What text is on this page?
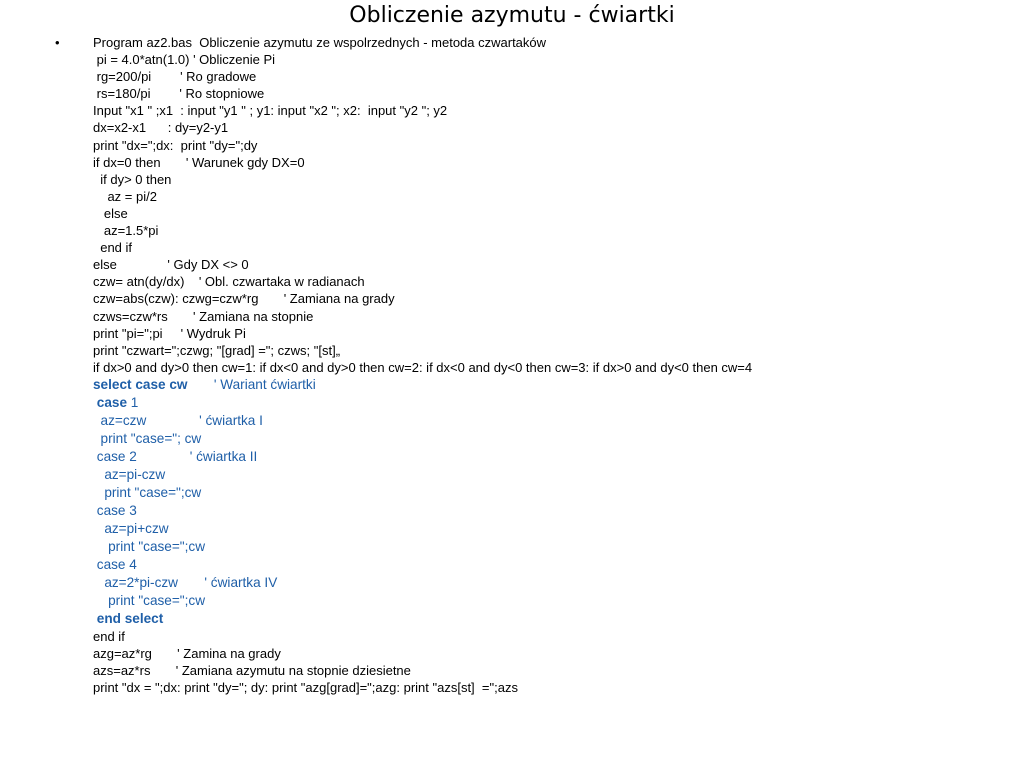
Obliczenie azymutu - ćwiartki
•	Program az2.bas  Obliczenie azymutu ze wspolrzednych - metoda czwartaków
pi = 4.0*atn(1.0) ' Obliczenie Pi
rg=200/pi        ' Ro gradowe
rs=180/pi        ' Ro stopniowe
Input "x1 " ;x1  : input "y1 " ; y1: input "x2 "; x2:  input "y2 "; y2
dx=x2-x1      : dy=y2-y1
print "dx=";dx:  print "dy=";dy
if dx=0 then       ' Warunek gdy DX=0
if dy> 0 then
az = pi/2
else
az=1.5*pi
end if
else              ' Gdy DX <> 0
czw= atn(dy/dx)    ' Obl. czwartaka w radianach
czw=abs(czw): czwg=czw*rg       ' Zamiana na grady
czws=czw*rs       ' Zamiana na stopnie
print "pi=";pi     ' Wydruk Pi
print "czwart=";czwg; "[grad] ="; czws; "[st]„
if dx>0 and dy>0 then cw=1: if dx<0 and dy>0 then cw=2: if dx<0 and dy<0 then cw=3: if dx>0 and dy<0 then cw=4
select case cw       ' Wariant ćwiartki
case 1
az=czw              ' ćwiartka I
print "case="; cw
case 2              ' ćwiartka II
az=pi-czw
print "case=";cw
case 3
az=pi+czw
print "case=";cw
case 4
az=2*pi-czw       ' ćwiartka IV
print "case=";cw
end select
end if
azg=az*rg       ' Zamina na grady
azs=az*rs       ' Zamiana azymutu na stopnie dziesietne
print "dx = ";dx: print "dy="; dy: print "azg[grad]=";azg: print "azs[st]  =";azs
